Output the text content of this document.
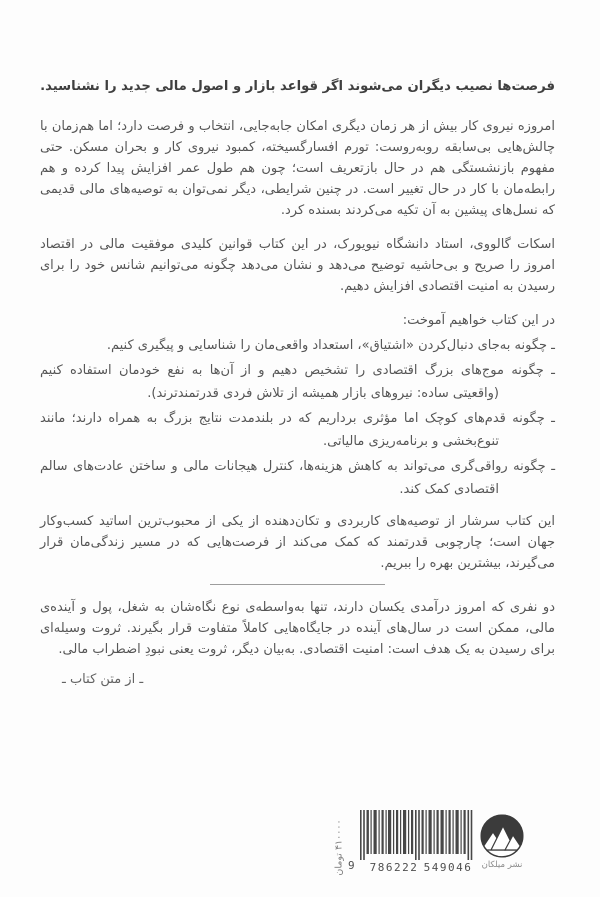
فرصت‌ها نصیب دیگران می‌شوند اگر قواعد بازار و اصول مالی جدید را نشناسید.

امروزه نیروی کار بیش از هر زمان دیگری امکان جابه‌جایی، انتخاب و فرصت دارد؛ اما هم‌زمان با چالش‌هایی بی‌سابقه روبه‌روست: تورم افسارگسیخته، کمبود نیروی کار و بحران مسکن. حتی مفهوم بازنشستگی هم در حال بازتعریف است؛ چون هم طول عمر افزایش پیدا کرده و هم رابطه‌مان با کار در حال تغییر است. در چنین شرایطی، دیگر نمی‌توان به توصیه‌های مالی قدیمی که نسل‌های پیشین به آن تکیه می‌کردند بسنده کرد.

اسکات گالووی، استاد دانشگاه نیویورک، در این کتاب قوانین کلیدی موفقیت مالی در اقتصاد امروز را صریح و بی‌حاشیه توضیح می‌دهد و نشان می‌دهد چگونه می‌توانیم شانس خود را برای رسیدن به امنیت اقتصادی افزایش دهیم.

در این کتاب خواهیم آموخت:

ـ چگونه به‌جای دنبال‌کردن «اشتیاق»، استعداد واقعی‌مان را شناسایی و پیگیری کنیم.
ـ چگونه موج‌های بزرگ اقتصادی را تشخیص دهیم و از آن‌ها به نفع خودمان استفاده کنیم (واقعیتی ساده: نیروهای بازار همیشه از تلاش فردی قدرتمندترند).
ـ چگونه قدم‌های کوچک اما مؤثری برداریم که در بلندمدت نتایج بزرگ به همراه دارند؛ مانند تنوع‌بخشی و برنامه‌ریزی مالیاتی.
ـ چگونه رواقی‌گری می‌تواند به کاهش هزینه‌ها، کنترل هیجانات مالی و ساختن عادت‌های سالم اقتصادی کمک کند.

این کتاب سرشار از توصیه‌های کاربردی و تکان‌دهنده از یکی از محبوب‌ترین اساتید کسب‌وکار جهان است؛ چارچوبی قدرتمند که کمک می‌کند از فرصت‌هایی که در مسیر زندگی‌مان قرار می‌گیرند، بیشترین بهره را ببریم.

دو نفری که امروز درآمدی یکسان دارند، تنها به‌واسطه‌ی نوع نگاه‌شان به شغل، پول و آینده‌ی مالی، ممکن است در سال‌های آینده در جایگاه‌هایی کاملاً متفاوت قرار بگیرند. ثروت وسیله‌ای برای رسیدن به یک هدف است: امنیت اقتصادی. به‌بیان دیگر، ثروت یعنی نبودِ اضطراب مالی.

ـ از متن کتاب ـ

۴۱۰۰۰۰ تومان
9 786222 549046	نشر میلکان
